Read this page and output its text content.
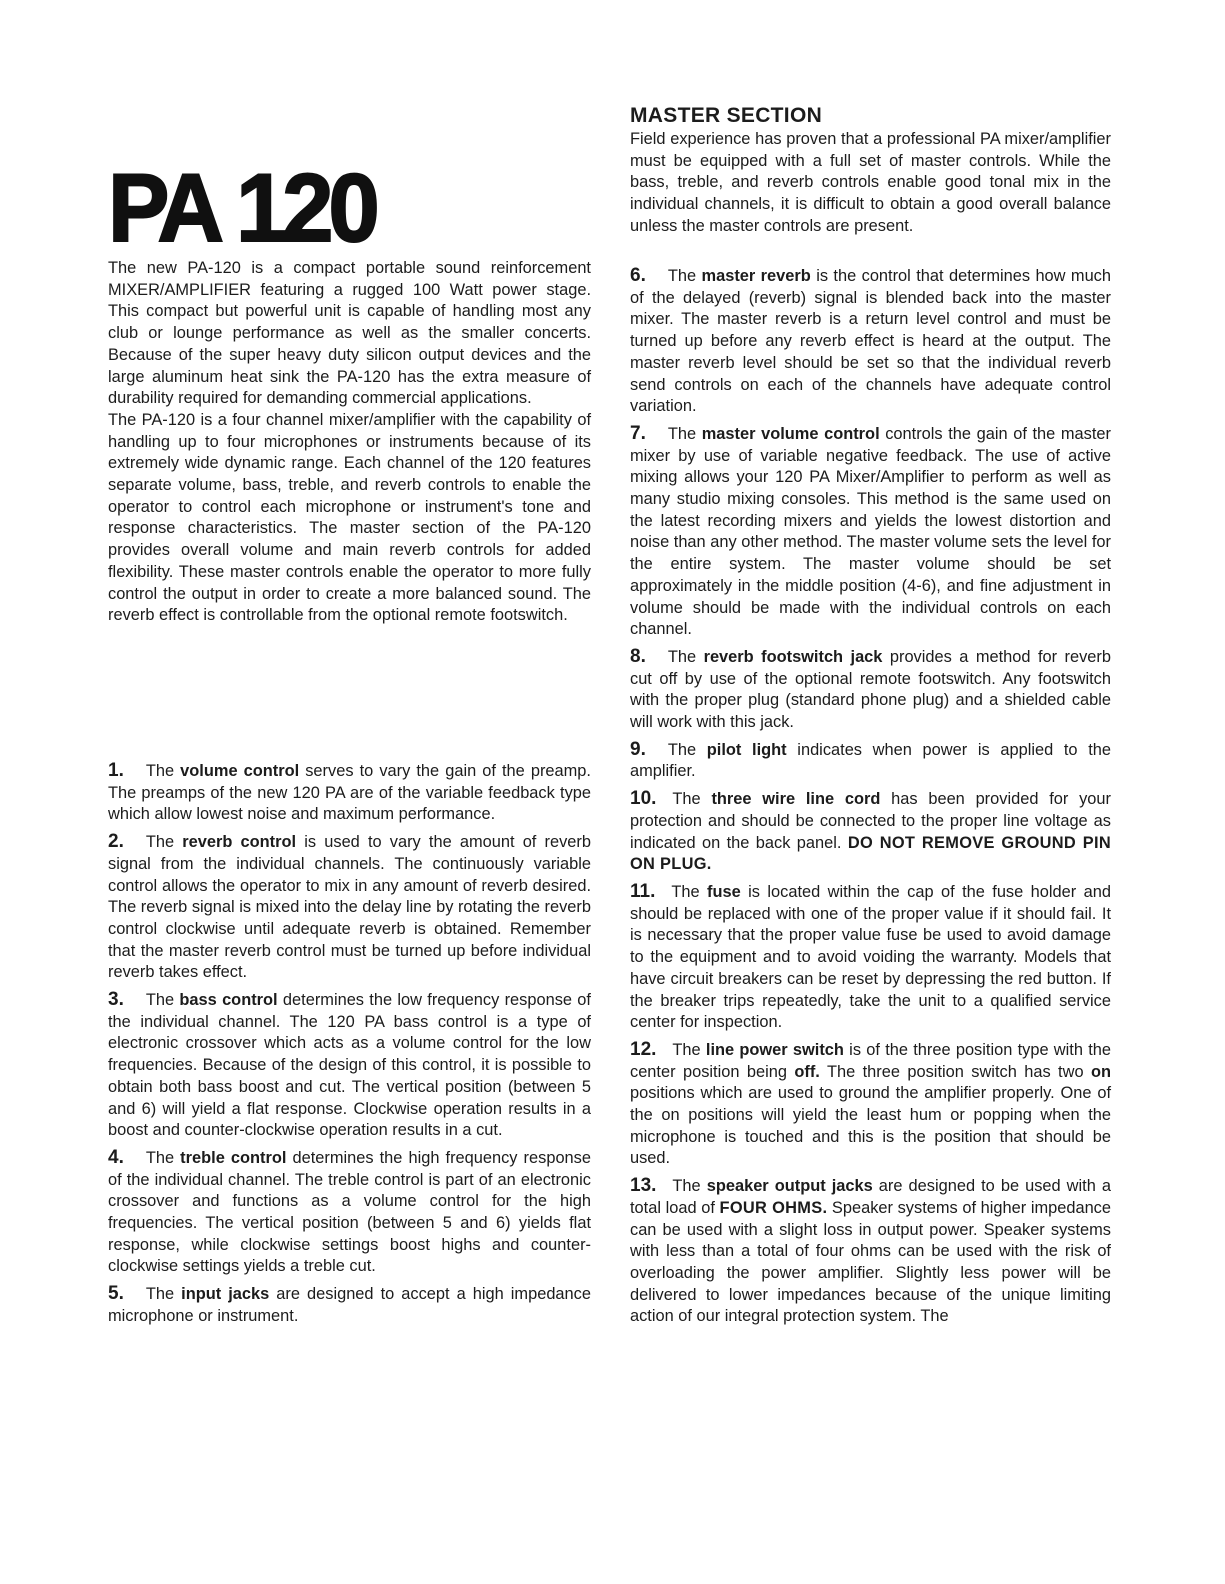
PA 120

The new PA-120 is a compact portable sound reinforcement MIXER/AMPLIFIER featuring a rugged 100 Watt power stage. This compact but powerful unit is capable of handling most any club or lounge performance as well as the smaller concerts. Because of the super heavy duty silicon output devices and the large aluminum heat sink the PA-120 has the extra measure of durability required for demanding commercial applications.

The PA-120 is a four channel mixer/amplifier with the capability of handling up to four microphones or instruments because of its extremely wide dynamic range. Each channel of the 120 features separate volume, bass, treble, and reverb controls to enable the operator to control each microphone or instrument's tone and response characteristics. The master section of the PA-120 provides overall volume and main reverb controls for added flexibility. These master controls enable the operator to more fully control the output in order to create a more balanced sound. The reverb effect is controllable from the optional remote footswitch.

1. The volume control serves to vary the gain of the preamp. The preamps of the new 120 PA are of the variable feedback type which allow lowest noise and maximum performance.

2. The reverb control is used to vary the amount of reverb signal from the individual channels. The continuously variable control allows the operator to mix in any amount of reverb desired. The reverb signal is mixed into the delay line by rotating the reverb control clockwise until adequate reverb is obtained. Remember that the master reverb control must be turned up before individual reverb takes effect.

3. The bass control determines the low frequency response of the individual channel. The 120 PA bass control is a type of electronic crossover which acts as a volume control for the low frequencies. Because of the design of this control, it is possible to obtain both bass boost and cut. The vertical position (between 5 and 6) will yield a flat response. Clockwise operation results in a boost and counter-clockwise operation results in a cut.

4. The treble control determines the high frequency response of the individual channel. The treble control is part of an electronic crossover and functions as a volume control for the high frequencies. The vertical position (between 5 and 6) yields flat response, while clockwise settings boost highs and counter-clockwise settings yields a treble cut.

5. The input jacks are designed to accept a high impedance microphone or instrument.

MASTER SECTION

Field experience has proven that a professional PA mixer/amplifier must be equipped with a full set of master controls. While the bass, treble, and reverb controls enable good tonal mix in the individual channels, it is difficult to obtain a good overall balance unless the master controls are present.

6. The master reverb is the control that determines how much of the delayed (reverb) signal is blended back into the master mixer. The master reverb is a return level control and must be turned up before any reverb effect is heard at the output. The master reverb level should be set so that the individual reverb send controls on each of the channels have adequate control variation.

7. The master volume control controls the gain of the master mixer by use of variable negative feedback. The use of active mixing allows your 120 PA Mixer/Amplifier to perform as well as many studio mixing consoles. This method is the same used on the latest recording mixers and yields the lowest distortion and noise than any other method. The master volume sets the level for the entire system. The master volume should be set approximately in the middle position (4-6), and fine adjustment in volume should be made with the individual controls on each channel.

8. The reverb footswitch jack provides a method for reverb cut off by use of the optional remote footswitch. Any footswitch with the proper plug (standard phone plug) and a shielded cable will work with this jack.

9. The pilot light indicates when power is applied to the amplifier.

10. The three wire line cord has been provided for your protection and should be connected to the proper line voltage as indicated on the back panel. DO NOT REMOVE GROUND PIN ON PLUG.

11. The fuse is located within the cap of the fuse holder and should be replaced with one of the proper value if it should fail. It is necessary that the proper value fuse be used to avoid damage to the equipment and to avoid voiding the warranty. Models that have circuit breakers can be reset by depressing the red button. If the breaker trips repeatedly, take the unit to a qualified service center for inspection.

12. The line power switch is of the three position type with the center position being off. The three position switch has two on positions which are used to ground the amplifier properly. One of the on positions will yield the least hum or popping when the microphone is touched and this is the position that should be used.

13. The speaker output jacks are designed to be used with a total load of FOUR OHMS. Speaker systems of higher impedance can be used with a slight loss in output power. Speaker systems with less than a total of four ohms can be used with the risk of overloading the power amplifier. Slightly less power will be delivered to lower impedances because of the unique limiting action of our integral protection system. The
